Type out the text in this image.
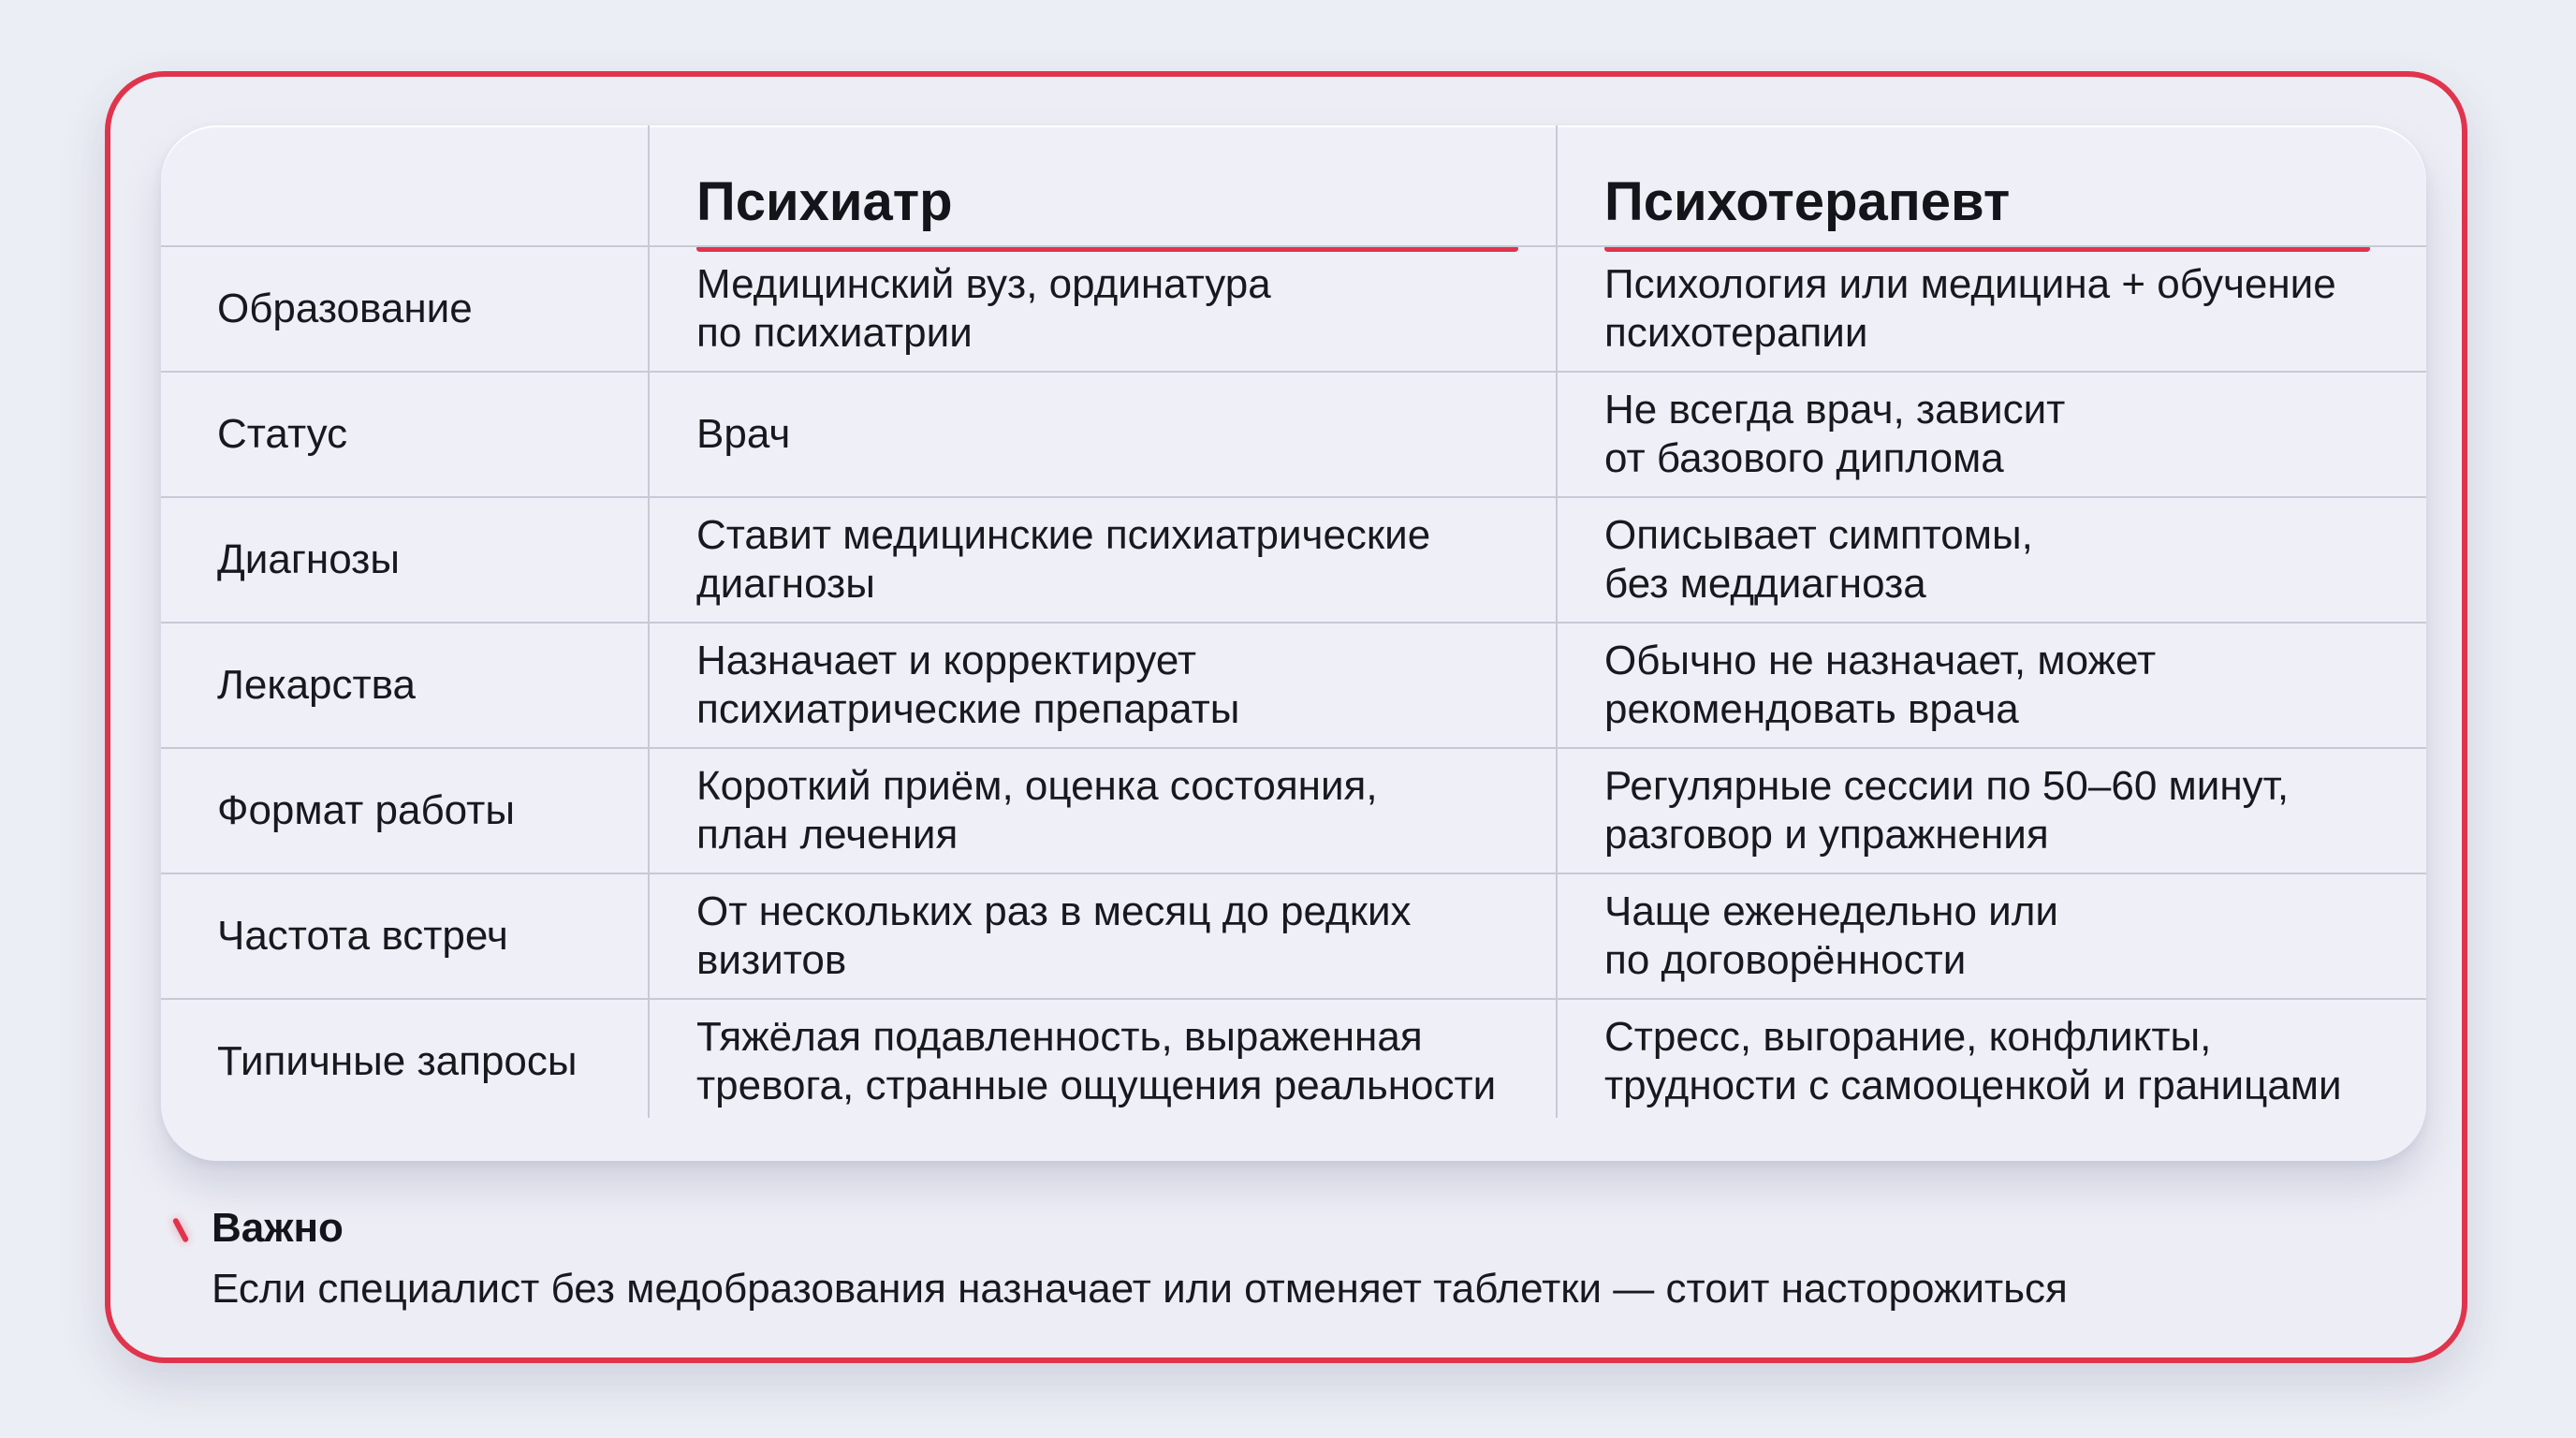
Психиатр	Психотерапевт
Образование
Медицинский вуз, ординатура
по психиатрии
Психология или медицина + обучение
психотерапии
Статус	Врач
Не всегда врач, зависит
от базового диплома
Диагнозы
Ставит медицинские психиатрические
диагнозы
Описывает симптомы,
без меддиагноза
Лекарства
Назначает и корректирует
психиатрические препараты
Обычно не назначает, может
рекомендовать врача
Формат работы
Короткий приём, оценка состояния,
план лечения
Регулярные сессии по 50–60 минут,
разговор и упражнения
Частота встреч
От нескольких раз в месяц до редких
визитов
Чаще еженедельно или
по договорённости
Типичные запросы
Тяжёлая подавленность, выраженная
тревога, странные ощущения реальности
Стресс, выгорание, конфликты,
трудности с самооценкой и границами
Важно
Если специалист без медобразования назначает или отменяет таблетки — стоит насторожиться
